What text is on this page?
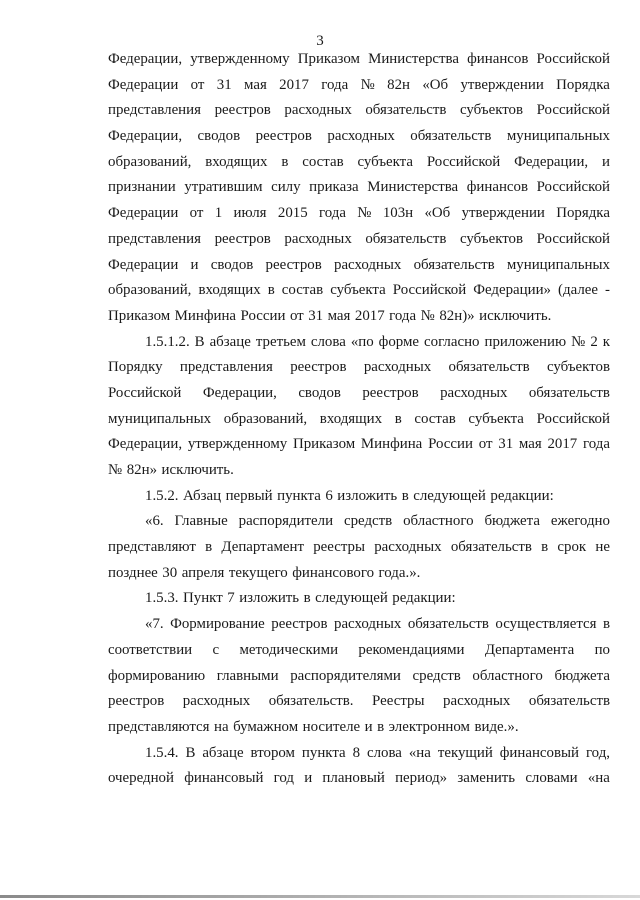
3
Федерации, утвержденному Приказом Министерства финансов Российской
Федерации от 31 мая 2017 года № 82н «Об утверждении Порядка
представления реестров расходных обязательств субъектов Российской
Федерации, сводов реестров расходных обязательств муниципальных
образований, входящих в состав субъекта Российской Федерации, и
признании утратившим силу приказа Министерства финансов Российской
Федерации от 1 июля 2015 года № 103н «Об утверждении Порядка
представления реестров расходных обязательств субъектов Российской
Федерации и сводов реестров расходных обязательств муниципальных
образований, входящих в состав субъекта Российской Федерации» (далее -
Приказом Минфина России от 31 мая 2017 года № 82н)» исключить.
1.5.1.2. В абзаце третьем слова «по форме согласно приложению № 2 к
Порядку представления реестров расходных обязательств субъектов
Российской Федерации, сводов реестров расходных обязательств
муниципальных образований, входящих в состав субъекта Российской
Федерации, утвержденному Приказом Минфина России от 31 мая 2017 года
№ 82н» исключить.
1.5.2. Абзац первый пункта 6 изложить в следующей редакции:
«6. Главные распорядители средств областного бюджета ежегодно
представляют в Департамент реестры расходных обязательств в срок не
позднее 30 апреля текущего финансового года.».
1.5.3. Пункт 7 изложить в следующей редакции:
«7. Формирование реестров расходных обязательств осуществляется в
соответствии с методическими рекомендациями Департамента по
формированию главными распорядителями средств областного бюджета
реестров расходных обязательств. Реестры расходных обязательств
представляются на бумажном носителе и в электронном виде.».
1.5.4. В абзаце втором пункта 8 слова «на текущий финансовый год,
очередной финансовый год и плановый период» заменить словами «на
